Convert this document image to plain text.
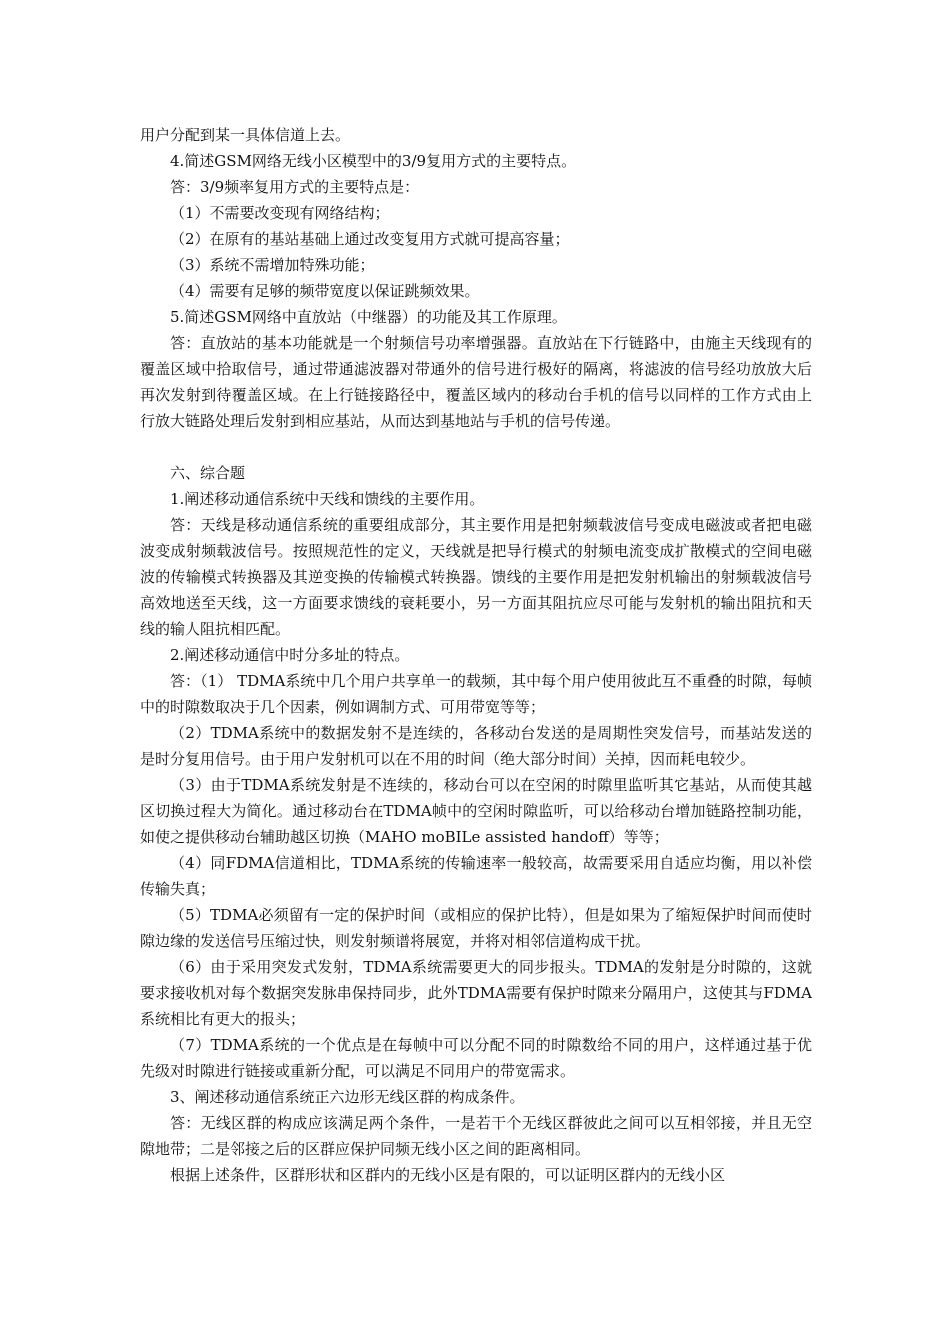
用户分配到某一具体信道上去。

4.简述GSM网络无线小区模型中的3/9复用方式的主要特点。

答：3/9频率复用方式的主要特点是：

（1）不需要改变现有网络结构；

（2）在原有的基站基础上通过改变复用方式就可提高容量；

（3）系统不需增加特殊功能；

（4）需要有足够的频带宽度以保证跳频效果。

5.简述GSM网络中直放站（中继器）的功能及其工作原理。

答：直放站的基本功能就是一个射频信号功率增强器。直放站在下行链路中，由施主天线现有的覆盖区域中拾取信号，通过带通滤波器对带通外的信号进行极好的隔离，将滤波的信号经功放放大后再次发射到待覆盖区域。在上行链接路径中，覆盖区域内的移动台手机的信号以同样的工作方式由上行放大链路处理后发射到相应基站，从而达到基地站与手机的信号传递。

六、综合题

1.阐述移动通信系统中天线和馈线的主要作用。

答：天线是移动通信系统的重要组成部分，其主要作用是把射频载波信号变成电磁波或者把电磁波变成射频载波信号。按照规范性的定义，天线就是把导行模式的射频电流变成扩散模式的空间电磁波的传输模式转换器及其逆变换的传输模式转换器。馈线的主要作用是把发射机输出的射频载波信号高效地送至天线，这一方面要求馈线的衰耗要小，另一方面其阻抗应尽可能与发射机的输出阻抗和天线的输人阻抗相匹配。

2.阐述移动通信中时分多址的特点。

答：（1） TDMA系统中几个用户共享单一的载频，其中每个用户使用彼此互不重叠的时隙，每帧中的时隙数取决于几个因素，例如调制方式、可用带宽等等；

（2）TDMA系统中的数据发射不是连续的，各移动台发送的是周期性突发信号，而基站发送的是时分复用信号。由于用户发射机可以在不用的时间（绝大部分时间）关掉，因而耗电较少。

（3）由于TDMA系统发射是不连续的，移动台可以在空闲的时隙里监听其它基站，从而使其越区切换过程大为简化。通过移动台在TDMA帧中的空闲时隙监听，可以给移动台增加链路控制功能，如使之提供移动台辅助越区切换（MAHO moBILe assisted handoff）等等；

（4）同FDMA信道相比，TDMA系统的传输速率一般较高，故需要采用自适应均衡，用以补偿传输失真；

（5）TDMA必须留有一定的保护时间（或相应的保护比特），但是如果为了缩短保护时间而使时隙边缘的发送信号压缩过快，则发射频谱将展宽，并将对相邻信道构成干扰。

（6）由于采用突发式发射，TDMA系统需要更大的同步报头。TDMA的发射是分时隙的，这就要求接收机对每个数据突发脉串保持同步，此外TDMA需要有保护时隙来分隔用户，这使其与FDMA系统相比有更大的报头；

（7）TDMA系统的一个优点是在每帧中可以分配不同的时隙数给不同的用户，这样通过基于优先级对时隙进行链接或重新分配，可以满足不同用户的带宽需求。

3、阐述移动通信系统正六边形无线区群的构成条件。

答：无线区群的构成应该满足两个条件，一是若干个无线区群彼此之间可以互相邻接，并且无空隙地带；二是邻接之后的区群应保护同频无线小区之间的距离相同。

根据上述条件，区群形状和区群内的无线小区是有限的，可以证明区群内的无线小区
